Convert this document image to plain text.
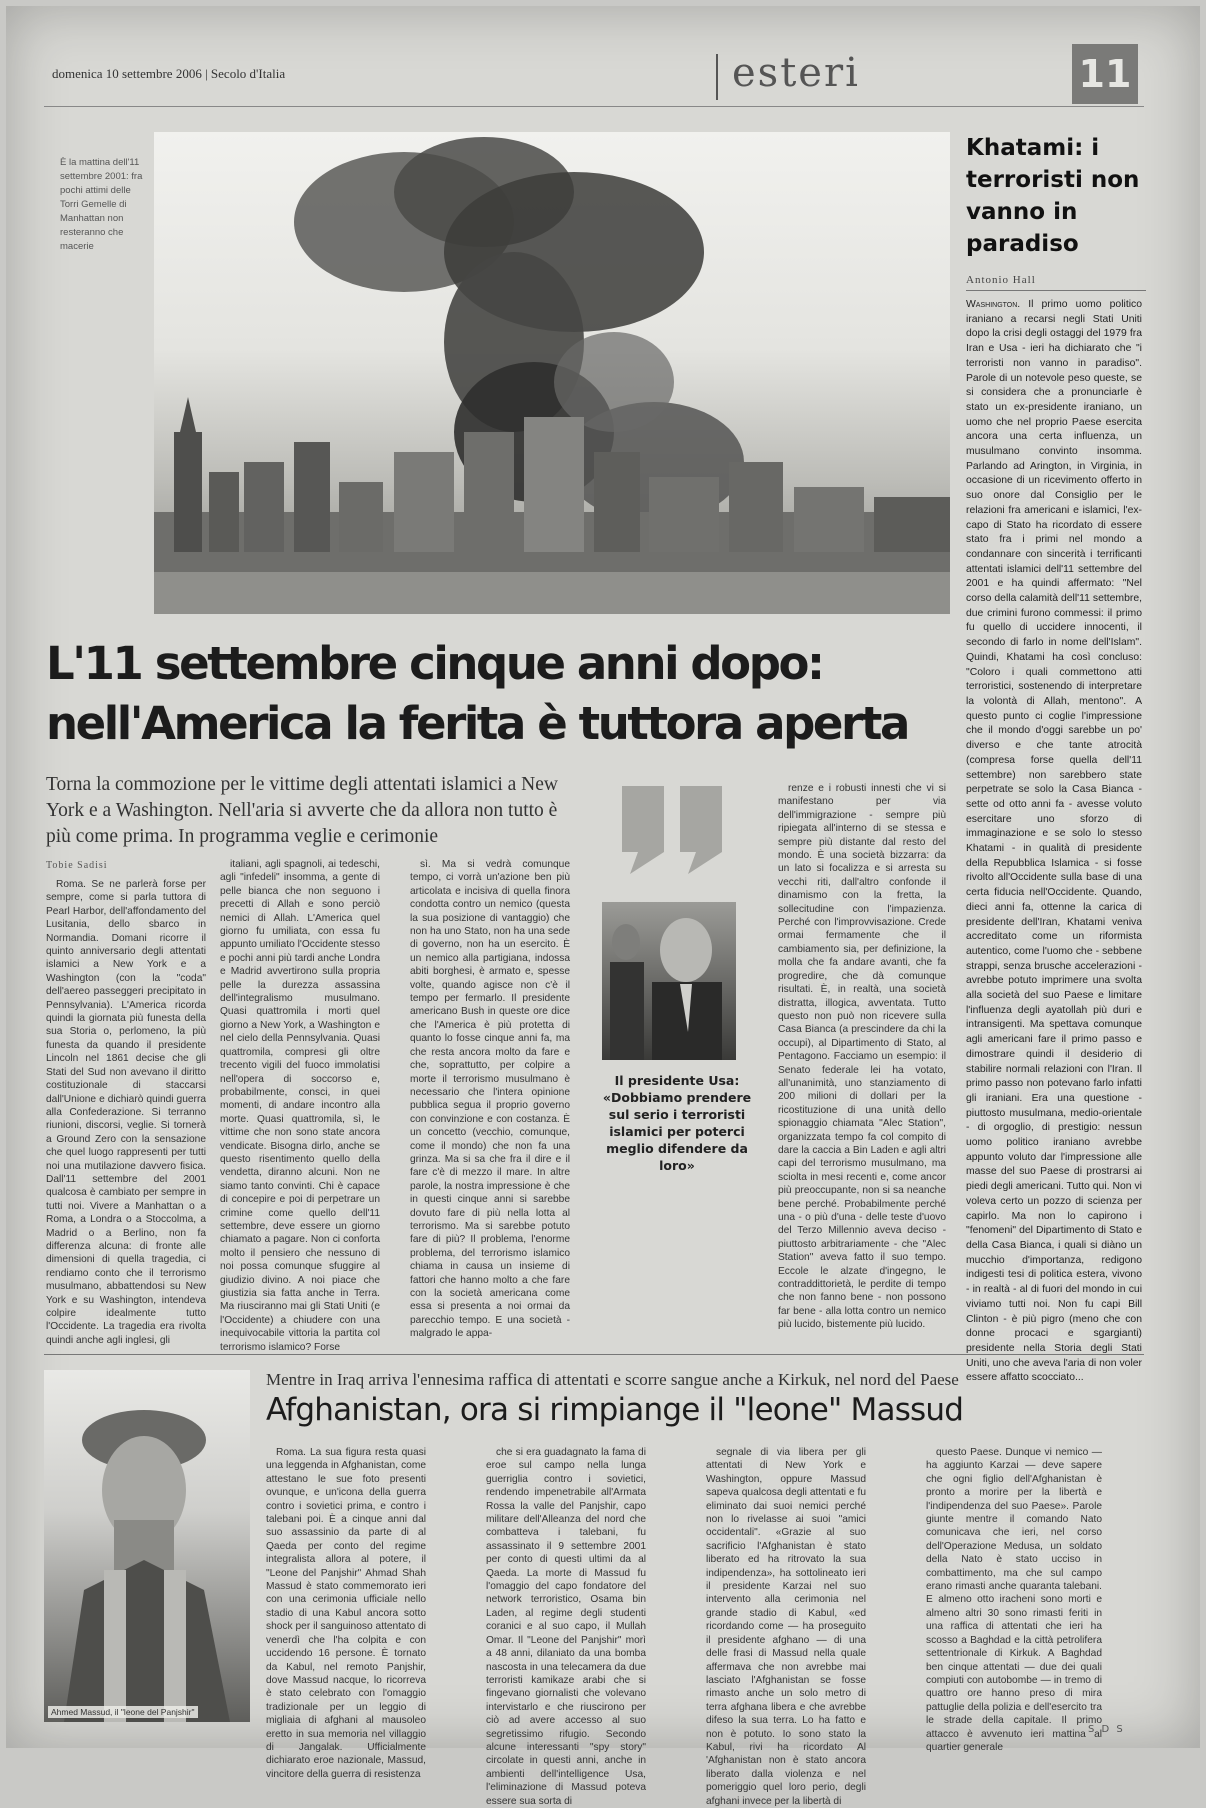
domenica 10 settembre 2006 | Secolo d'Italia	esteri	11
È la mattina dell'11 settembre 2001: fra pochi attimi delle Torri Gemelle di Manhattan non resteranno che macerie
Khatami: i terroristi non vanno in paradiso
Antonio Hall
Washington. Il primo uomo politico iraniano a recarsi negli Stati Uniti dopo la crisi degli ostaggi del 1979 fra Iran e Usa - ieri ha dichiarato che "i terroristi non vanno in paradiso". Parole di un notevole peso queste, se si considera che a pronunciarle è stato un ex-presidente iraniano, un uomo che nel proprio Paese esercita ancora una certa influenza, un musulmano convinto insomma. Parlando ad Arington, in Virginia, in occasione di un ricevimento offerto in suo onore dal Consiglio per le relazioni fra americani e islamici, l'ex-capo di Stato ha ricordato di essere stato fra i primi nel mondo a condannare con sincerità i terrificanti attentati islamici dell'11 settembre del 2001 e ha quindi affermato: "Nel corso della calamità dell'11 settembre, due crimini furono commessi: il primo fu quello di uccidere innocenti, il secondo di farlo in nome dell'Islam". Quindi, Khatami ha così concluso: "Coloro i quali commettono atti terroristici, sostenendo di interpretare la volontà di Allah, mentono". A questo punto ci coglie l'impressione che il mondo d'oggi sarebbe un po' diverso e che tante atrocità (compresa forse quella dell'11 settembre) non sarebbero state perpetrate se solo la Casa Bianca - sette od otto anni fa - avesse voluto esercitare uno sforzo di immaginazione e se solo lo stesso Khatami - in qualità di presidente della Repubblica Islamica - si fosse rivolto all'Occidente sulla base di una certa fiducia nell'Occidente. Quando, dieci anni fa, ottenne la carica di presidente dell'Iran, Khatami veniva accreditato come un riformista autentico, come l'uomo che - sebbene strappi, senza brusche accelerazioni - avrebbe potuto imprimere una svolta alla società del suo Paese e limitare l'influenza degli ayatollah più duri e intransigenti. Ma spettava comunque agli americani fare il primo passo e dimostrare quindi il desiderio di stabilire normali relazioni con l'Iran. Il primo passo non potevano farlo infatti gli iraniani. Era una questione - piuttosto musulmana, medio-orientale - di orgoglio, di prestigio: nessun uomo politico iraniano avrebbe appunto voluto dar l'impressione alle masse del suo Paese di prostrarsi ai piedi degli americani. Tutto qui. Non vi voleva certo un pozzo di scienza per capirlo. Ma non lo capirono i "fenomeni" del Dipartimento di Stato e della Casa Bianca, i quali si diàno un mucchio d'importanza, redigono indigesti tesi di politica estera, vivono - in realtà - al di fuori del mondo in cui viviamo tutti noi. Non fu capi Bill Clinton - è più pigro (meno che con donne procaci e sgargianti) presidente nella Storia degli Stati Uniti, uno che aveva l'aria di non voler essere affatto scocciato...
L'11 settembre cinque anni dopo:
nell'America la ferita è tuttora aperta
Torna la commozione per le vittime degli attentati islamici a New York e a Washington. Nell'aria si avverte che da allora non tutto è più come prima. In programma veglie e cerimonie
Tobie Sadisi

Roma. Se ne parlerà forse per sempre, come si parla tuttora di Pearl Harbor, dell'affondamento del Lusitania, dello sbarco in Normandia. Domani ricorre il quinto anniversario degli attentati islamici a New York e a Washington (con la "coda" dell'aereo passeggeri precipitato in Pennsylvania). L'America ricorda quindi la giornata più funesta della sua Storia o, perlomeno, la più funesta da quando il presidente Lincoln nel 1861 decise che gli Stati del Sud non avevano il diritto costituzionale di staccarsi dall'Unione e dichiarò quindi guerra alla Confederazione. Si terranno riunioni, discorsi, veglie. Si tornerà a Ground Zero con la sensazione che quel luogo rappresenti per tutti noi una mutilazione davvero fisica. Dall'11 settembre del 2001 qualcosa è cambiato per sempre in tutti noi. Vivere a Manhattan o a Roma, a Londra o a Stoccolma, a Madrid o a Berlino, non fa differenza alcuna: di fronte alle dimensioni di quella tragedia, ci rendiamo conto che il terrorismo musulmano, abbattendosi su New York e su Washington, intendeva colpire idealmente tutto l'Occidente. La tragedia era rivolta quindi anche agli inglesi, gli

italiani, agli spagnoli, ai tedeschi, agli "infedeli" insomma, a gente di pelle bianca che non seguono i precetti di Allah e sono perciò nemici di Allah. L'America quel giorno fu umiliata, con essa fu appunto umiliato l'Occidente stesso e pochi anni più tardi anche Londra e Madrid avvertirono sulla propria pelle la durezza assassina dell'integralismo musulmano. Quasi quattromila i morti quel giorno a New York, a Washington e nel cielo della Pennsylvania. Quasi quattromila, compresi gli oltre trecento vigili del fuoco immolatisi nell'opera di soccorso e, probabilmente, consci, in quei momenti, di andare incontro alla morte. Quasi quattromila, sì, le vittime che non sono state ancora vendicate. Bisogna dirlo, anche se questo risentimento quello della vendetta, diranno alcuni. Non ne siamo tanto convinti. Chi è capace di concepire e poi di perpetrare un crimine come quello dell'11 settembre, deve essere un giorno chiamato a pagare. Non ci conforta molto il pensiero che nessuno di noi possa comunque sfuggire al giudizio divino. A noi piace che giustizia sia fatta anche in Terra. Ma riusciranno mai gli Stati Uniti (e l'Occidente) a chiudere con una inequivocabile vittoria la partita col terrorismo islamico? Forse

sì. Ma si vedrà comunque tempo, ci vorrà un'azione ben più articolata e incisiva di quella finora condotta contro un nemico (questa la sua posizione di vantaggio) che non ha uno Stato, non ha una sede di governo, non ha un esercito. È un nemico alla partigiana, indossa abiti borghesi, è armato e, spesse volte, quando agisce non c'è il tempo per fermarlo. Il presidente americano Bush in queste ore dice che l'America è più protetta di quanto lo fosse cinque anni fa, ma che resta ancora molto da fare e che, soprattutto, per colpire a morte il terrorismo musulmano è necessario che l'intera opinione pubblica segua il proprio governo con convinzione e con costanza. È un concetto (vecchio, comunque, come il mondo) che non fa una grinza. Ma si sa che fra il dire e il fare c'è di mezzo il mare. In altre parole, la nostra impressione è che in questi cinque anni si sarebbe dovuto fare di più nella lotta al terrorismo. Ma si sarebbe potuto fare di più? Il problema, l'enorme problema, del terrorismo islamico chiama in causa un insieme di fattori che hanno molto a che fare con la società americana come essa si presenta a noi ormai da parecchio tempo. E una società - malgrado le appa-

renze e i robusti innesti che vi si manifestano per via dell'immigrazione - sempre più ripiegata all'interno di se stessa e sempre più distante dal resto del mondo. È una società bizzarra: da un lato si focalizza e si arresta su vecchi riti, dall'altro confonde il dinamismo con la fretta, la sollecitudine con l'impazienza. Perché con l'improvvisazione. Crede ormai fermamente che il cambiamento sia, per definizione, la molla che fa andare avanti, che fa progredire, che dà comunque risultati. È, in realtà, una società distratta, illogica, avventata. Tutto questo non può non ricevere sulla Casa Bianca (a prescindere da chi la occupi), al Dipartimento di Stato, al Pentagono. Facciamo un esempio: il Senato federale lei ha votato, all'unanimità, uno stanziamento di 200 milioni di dollari per la ricostituzione di una unità dello spionaggio chiamata "Alec Station", organizzata tempo fa col compito di dare la caccia a Bin Laden e agli altri capi del terrorismo musulmano, ma sciolta in mesi recenti e, come ancor più preoccupante, non si sa neanche bene perché. Probabilmente perché una - o più d'una - delle teste d'uovo del Terzo Millennio aveva deciso - piuttosto arbitrariamente - che "Alec Station" aveva fatto il suo tempo. Eccole le alzate d'ingegno, le contraddittorietà, le perdite di tempo che non fanno bene - non possono far bene - alla lotta contro un nemico più lucido, bistemente più lucido.

Il presidente Usa: «Dobbiamo prendere sul serio i terroristi islamici per poterci meglio difendere da loro»
Ahmed Massud, il "leone del Panjshir"
Mentre in Iraq arriva l'ennesima raffica di attentati e scorre sangue anche a Kirkuk, nel nord del Paese
Afghanistan, ora si rimpiange il "leone" Massud

Roma. La sua figura resta quasi una leggenda in Afghanistan, come attestano le sue foto presenti ovunque, e un'icona della guerra contro i sovietici prima, e contro i talebani poi. È a cinque anni dal suo assassinio da parte di al Qaeda per conto del regime integralista allora al potere, il "Leone del Panjshir" Ahmad Shah Massud è stato commemorato ieri con una cerimonia ufficiale nello stadio di una Kabul ancora sotto shock per il sanguinoso attentato di venerdì che l'ha colpita e con uccidendo 16 persone. È tornato da Kabul, nel remoto Panjshir, dove Massud nacque, lo ricorreva è stato celebrato con l'omaggio tradizionale per un leggio di migliaia di afghani al mausoleo eretto in sua memoria nel villaggio di Jangalak. Ufficialmente dichiarato eroe nazionale, Massud, vincitore della guerra di resistenza

che si era guadagnato la fama di eroe sul campo nella lunga guerriglia contro i sovietici, rendendo impenetrabile all'Armata Rossa la valle del Panjshir, capo militare dell'Alleanza del nord che combatteva i talebani, fu assassinato il 9 settembre 2001 per conto di questi ultimi da al Qaeda. La morte di Massud fu l'omaggio del capo fondatore del network terroristico, Osama bin Laden, al regime degli studenti coranici e al suo capo, il Mullah Omar. Il "Leone del Panjshir" morì a 48 anni, dilaniato da una bomba nascosta in una telecamera da due terroristi kamikaze arabi che si fingevano giornalisti che volevano intervistarlo e che riuscirono per ciò ad avere accesso al suo segretissimo rifugio. Secondo alcune interessanti "spy story" circolate in questi anni, anche in ambienti dell'intelligence Usa, l'eliminazione di Massud poteva essere sua sorta di

segnale di via libera per gli attentati di New York e Washington, oppure Massud sapeva qualcosa degli attentati e fu eliminato dai suoi nemici perché non lo rivelasse ai suoi "amici occidentali". «Grazie al suo sacrificio l'Afghanistan è stato liberato ed ha ritrovato la sua indipendenza», ha sottolineato ieri il presidente Karzai nel suo intervento alla cerimonia nel grande stadio di Kabul, «ed ricordando come — ha proseguito il presidente afghano — di una delle frasi di Massud nella quale affermava che non avrebbe mai lasciato l'Afghanistan se fosse rimasto anche un solo metro di terra afghana libera e che avrebbe difeso la sua terra. Lo ha fatto e non è potuto. Io sono stato la Kabul, rivi ha ricordato Al 'Afghanistan non è stato ancora liberato dalla violenza e nel pomeriggio quel loro perio, degli afghani invece per la libertà di

questo Paese. Dunque vi nemico — ha aggiunto Karzai — deve sapere che ogni figlio dell'Afghanistan è pronto a morire per la libertà e l'indipendenza del suo Paese». Parole giunte mentre il comando Nato comunicava che ieri, nel corso dell'Operazione Medusa, un soldato della Nato è stato ucciso in combattimento, ma che sul campo erano rimasti anche quaranta talebani. E almeno otto iracheni sono morti e almeno altri 30 sono rimasti feriti in una raffica di attentati che ieri ha scosso a Baghdad e la città petrolifera settentrionale di Kirkuk. A Baghdad ben cinque attentati — due dei quali compiuti con autobombe — in tremo di quattro ore hanno preso di mira pattuglie della polizia e dell'esercito tra le strade della capitale. Il primo attacco è avvenuto ieri mattina al quartier generale

S D S
